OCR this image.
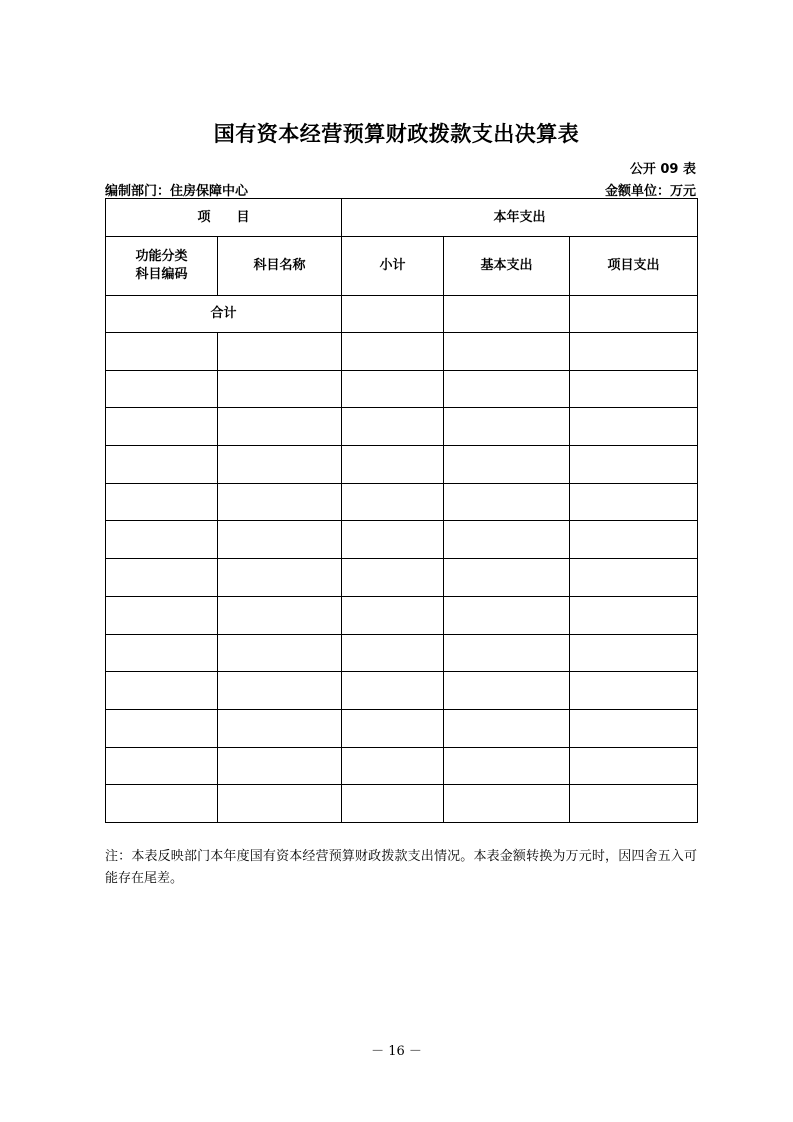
国有资本经营预算财政拨款支出决算表
公开 09 表
编制部门：住房保障中心	金额单位：万元
项　　目		本年支出		

功能分类
科目编码	科目名称	小计	基本支出	项目支出
合计				

注：本表反映部门本年度国有资本经营预算财政拨款支出情况。本表金额转换为万元时，因四舍五入可能存在尾差。
－ 16 －
